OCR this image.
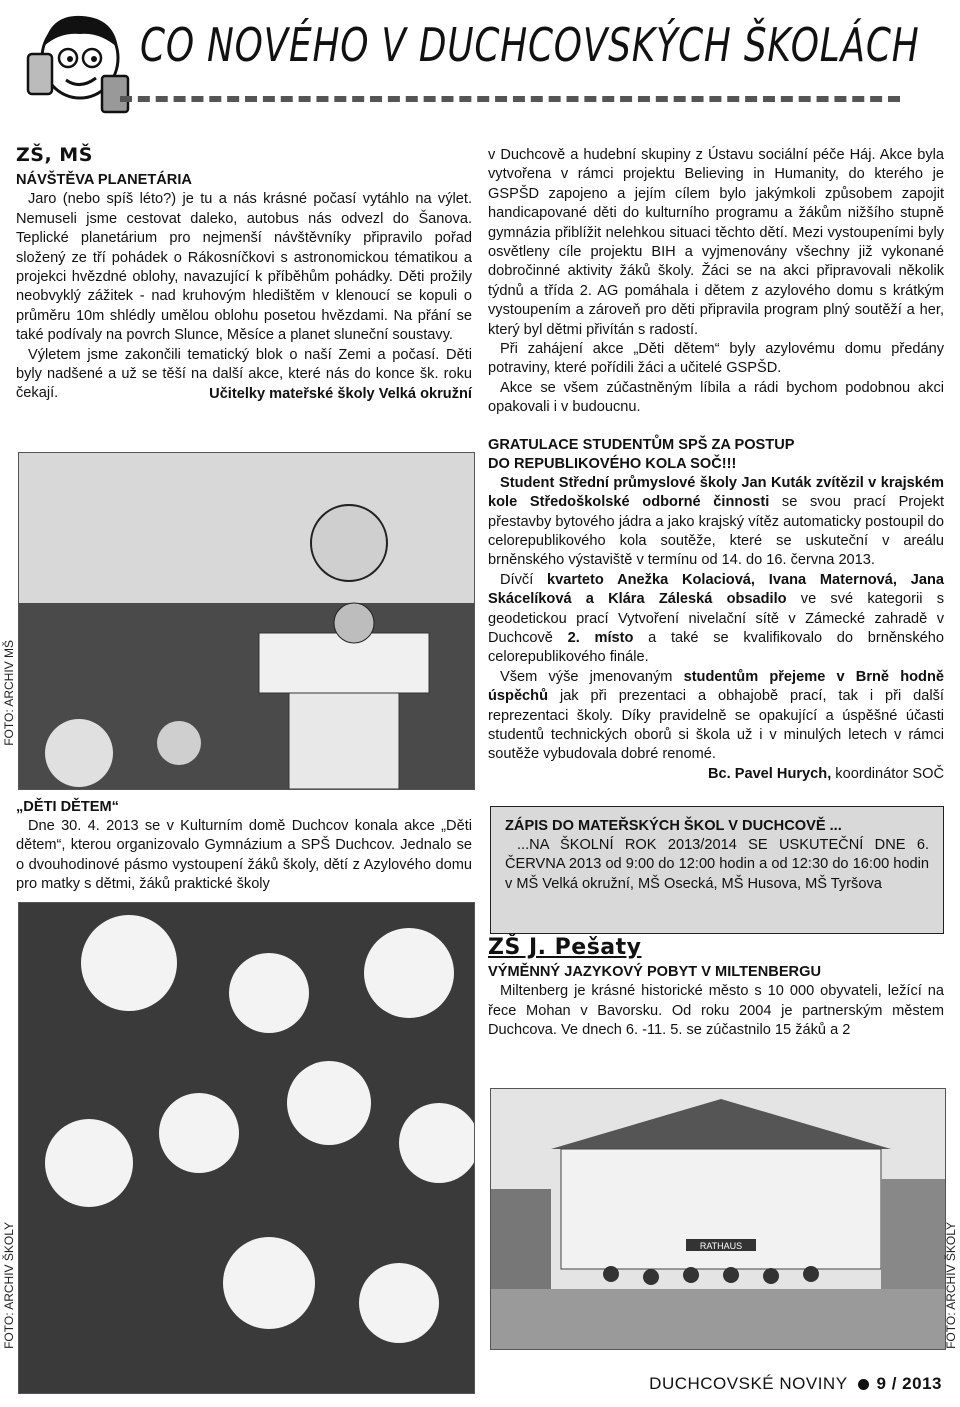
CO NOVÉHO V DUCHCOVSKÝCH ŠKOLÁCH
ZŠ, MŠ
NÁVŠTĚVA PLANETÁRIA

Jaro (nebo spíš léto?) je tu a nás krásné počasí vytáhlo na výlet. Nemuseli jsme cestovat daleko, autobus nás odvezl do Šanova. Teplické planetárium pro nejmenší návštěvníky připravilo pořad složený ze tří pohádek o Rákosníčkovi s astronomickou tématikou a projekci hvězdné oblohy, navazující k příběhům pohádky. Děti prožily neobvyklý zážitek - nad kruhovým hledištěm v klenoucí se kopuli o průměru 10m shlédly umělou oblohu posetou hvězdami. Na přání se také podívaly na povrch Slunce, Měsíce a planet sluneční soustavy.

Výletem jsme zakončili tematický blok o naší Zemi a počasí. Děti byly nadšené a už se těší na další akce, které nás do konce šk. roku čekají.	Učitelky mateřské školy Velká okružní

FOTO: ARCHIV MŠ
„DĚTI DĚTEM“

Dne 30. 4. 2013 se v Kulturním domě Duchcov konala akce „Děti dětem“, kterou organizovalo Gymnázium a SPŠ Duchcov. Jednalo se o dvouhodinové pásmo vystoupení žáků školy, dětí z Azylového domu pro matky s dětmi, žáků praktické školy

FOTO: ARCHIV ŠKOLY

v Duchcově a hudební skupiny z Ústavu sociální péče Háj. Akce byla vytvořena v rámci projektu Believing in Humanity, do kterého je GSPŠD zapojeno a jejím cílem bylo jakýmkoli způsobem zapojit handicapované děti do kulturního programu a žákům nižšího stupně gymnázia přiblížit nelehkou situaci těchto dětí. Mezi vystoupeními byly osvětleny cíle projektu BIH a vyjmenovány všechny již vykonané dobročinné aktivity žáků školy. Žáci se na akci připravovali několik týdnů a třída 2. AG pomáhala i dětem z azylového domu s krátkým vystoupením a zároveň pro děti připravila program plný soutěží a her, který byl dětmi přivítán s radostí.

Při zahájení akce „Děti dětem“ byly azylovému domu předány potraviny, které pořídili žáci a učitelé GSPŠD.

Akce se všem zúčastněným líbila a rádi bychom podobnou akci opakovali i v budoucnu.

GRATULACE STUDENTŮM SPŠ ZA POSTUP
DO REPUBLIKOVÉHO KOLA SOČ!!!

Student Střední průmyslové školy Jan Kuták zvítězil v krajském kole Středoškolské odborné činnosti se svou prací Projekt přestavby bytového jádra a jako krajský vítěz automaticky postoupil do celorepublikového kola soutěže, které se uskuteční v areálu brněnského výstaviště v termínu od 14. do 16. června 2013.

Dívčí kvarteto Anežka Kolaciová, Ivana Maternová, Jana Skácelíková a Klára Záleská obsadilo ve své kategorii s geodetickou prací Vytvoření nivelační sítě v Zámecké zahradě v Duchcově 2. místo a také se kvalifikovalo do brněnského celorepublikového finále.

Všem výše jmenovaným studentům přejeme v Brně hodně úspěchů jak při prezentaci a obhajobě prací, tak i při další reprezentaci školy. Díky pravidelně se opakující a úspěšné účasti studentů technických oborů si škola už i v minulých letech v rámci soutěže vybudovala dobré renomé.

Bc. Pavel Hurych, koordinátor SOČ

ZÁPIS DO MATEŘSKÝCH ŠKOL V DUCHCOVĚ ...

...NA ŠKOLNÍ ROK 2013/2014 SE USKUTEČNÍ DNE 6. ČERVNA 2013 od 9:00 do 12:00 hodin a od 12:30 do 16:00 hodin v MŠ Velká okružní, MŠ Osecká, MŠ Husova, MŠ Tyršova

ZŠ J. Pešaty
VÝMĚNNÝ JAZYKOVÝ POBYT V MILTENBERGU

Miltenberg je krásné historické město s 10 000 obyvateli, ležící na řece Mohan v Bavorsku. Od roku 2004 je partnerským městem Duchcova. Ve dnech 6. -11. 5. se zúčastnilo 15 žáků a 2

RATHAUS	FOTO: ARCHIV ŠKOLY
DUCHCOVSKÉ NOVINY 9 / 2013
